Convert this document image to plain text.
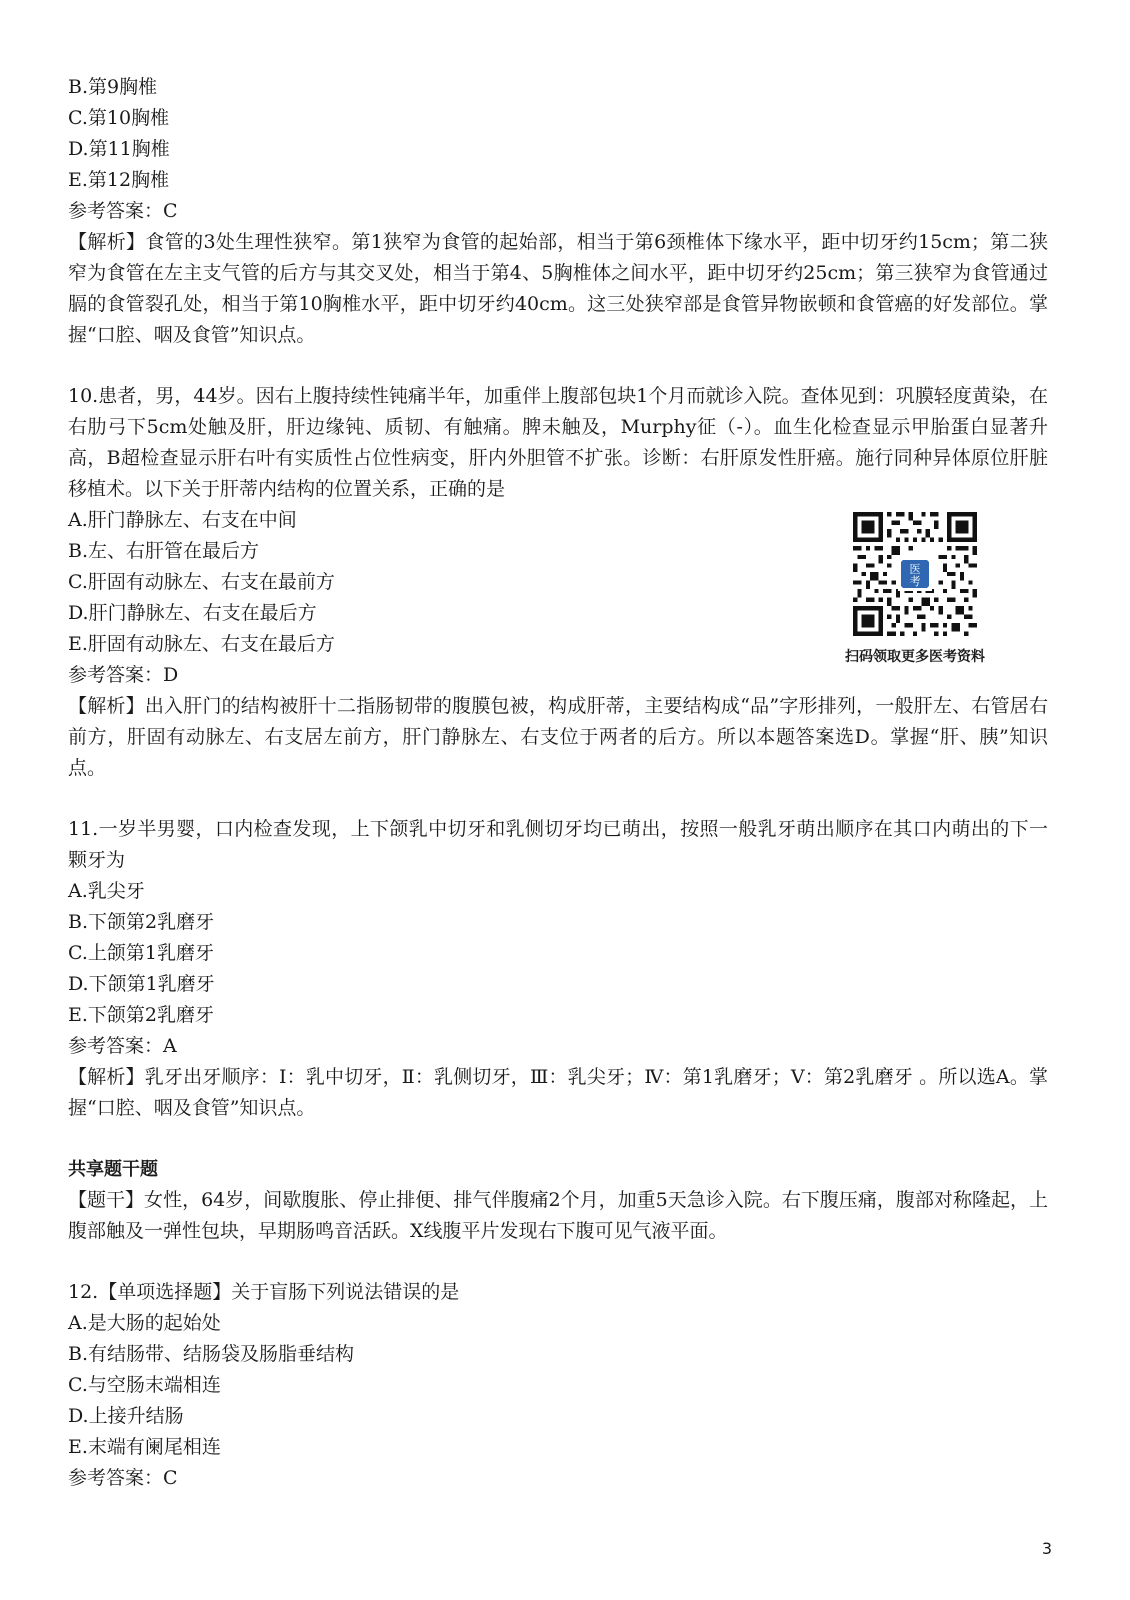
B.第9胸椎
C.第10胸椎
D.第11胸椎
E.第12胸椎
参考答案：C
【解析】食管的3处生理性狭窄。第1狭窄为食管的起始部，相当于第6颈椎体下缘水平，距中切牙约15cm；第二狭窄为食管在左主支气管的后方与其交叉处，相当于第4、5胸椎体之间水平，距中切牙约25cm；第三狭窄为食管通过膈的食管裂孔处，相当于第10胸椎水平，距中切牙约40cm。这三处狭窄部是食管异物嵌顿和食管癌的好发部位。掌握“口腔、咽及食管”知识点。
10.患者，男，44岁。因右上腹持续性钝痛半年，加重伴上腹部包块1个月而就诊入院。查体见到：巩膜轻度黄染，在右肋弓下5cm处触及肝，肝边缘钝、质韧、有触痛。脾未触及，Murphy征（-）。血生化检查显示甲胎蛋白显著升高，B超检查显示肝右叶有实质性占位性病变，肝内外胆管不扩张。诊断：右肝原发性肝癌。施行同种异体原位肝脏移植术。以下关于肝蒂内结构的位置关系，正确的是
A.肝门静脉左、右支在中间
B.左、右肝管在最后方
C.肝固有动脉左、右支在最前方
D.肝门静脉左、右支在最后方
E.肝固有动脉左、右支在最后方
参考答案：D
【解析】出入肝门的结构被肝十二指肠韧带的腹膜包被，构成肝蒂，主要结构成“品”字形排列，一般肝左、右管居右前方，肝固有动脉左、右支居左前方，肝门静脉左、右支位于两者的后方。所以本题答案选D。掌握“肝、胰”知识点。
11.一岁半男婴，口内检查发现，上下颌乳中切牙和乳侧切牙均已萌出，按照一般乳牙萌出顺序在其口内萌出的下一颗牙为
A.乳尖牙
B.下颌第2乳磨牙
C.上颌第1乳磨牙
D.下颌第1乳磨牙
E.下颌第2乳磨牙
参考答案：A
【解析】乳牙出牙顺序：Ⅰ：乳中切牙，Ⅱ：乳侧切牙，Ⅲ：乳尖牙；Ⅳ：第1乳磨牙；Ⅴ：第2乳磨牙 。所以选A。掌握“口腔、咽及食管”知识点。
共享题干题
【题干】女性，64岁，间歇腹胀、停止排便、排气伴腹痛2个月，加重5天急诊入院。右下腹压痛，腹部对称隆起，上腹部触及一弹性包块，早期肠鸣音活跃。X线腹平片发现右下腹可见气液平面。
12.【单项选择题】关于盲肠下列说法错误的是
A.是大肠的起始处
B.有结肠带、结肠袋及肠脂垂结构
C.与空肠末端相连
D.上接升结肠
E.末端有阑尾相连
参考答案：C
医
考
扫码领取更多医考资料
3
